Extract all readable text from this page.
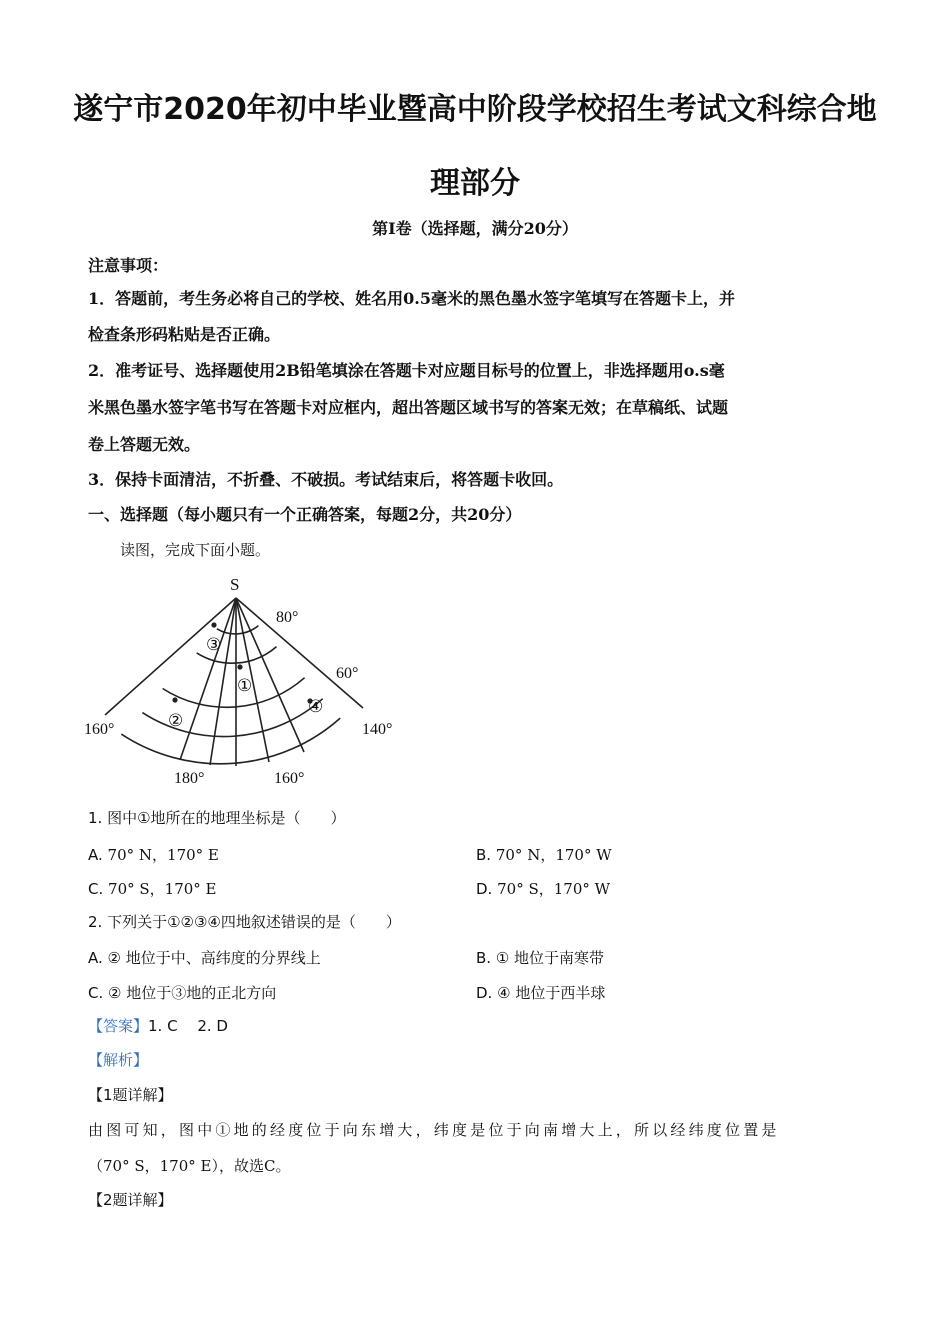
遂宁市2020年初中毕业暨高中阶段学校招生考试文科综合地
理部分
第Ⅰ卷（选择题，满分20分）
注意事项：
1．答题前，考生务必将自己的学校、姓名用0.5毫米的黑色墨水签字笔填写在答题卡上，并
检查条形码粘贴是否正确。
2．准考证号、选择题使用2B铅笔填涂在答题卡对应题目标号的位置上，非选择题用o.s毫
米黑色墨水签字笔书写在答题卡对应框内，超出答题区域书写的答案无效；在草稿纸、试题
卷上答题无效。
3．保持卡面清洁，不折叠、不破损。考试结束后，将答题卡收回。
一、选择题（每小题只有一个正确答案，每题2分，共20分）
读图，完成下面小题。
S
80°
60°
160°	140°
180°	160°
①
②
③
④
1. 图中①地所在的地理坐标是（　　）
A. 70° N，170° E	B. 70° N，170° W
C. 70° S，170° E	D. 70° S，170° W
2. 下列关于①②③④四地叙述错误的是（　　）
A. ② 地位于中、高纬度的分界线上	B. ① 地位于南寒带
C. ② 地位于③地的正北方向	D. ④ 地位于西半球
【答案】1. C　 2. D
【解析】
【1题详解】
由图可知，图中①地的经度位于向东增大，纬度是位于向南增大上，所以经纬度位置是
（70° S，170° E），故选C。
【2题详解】
